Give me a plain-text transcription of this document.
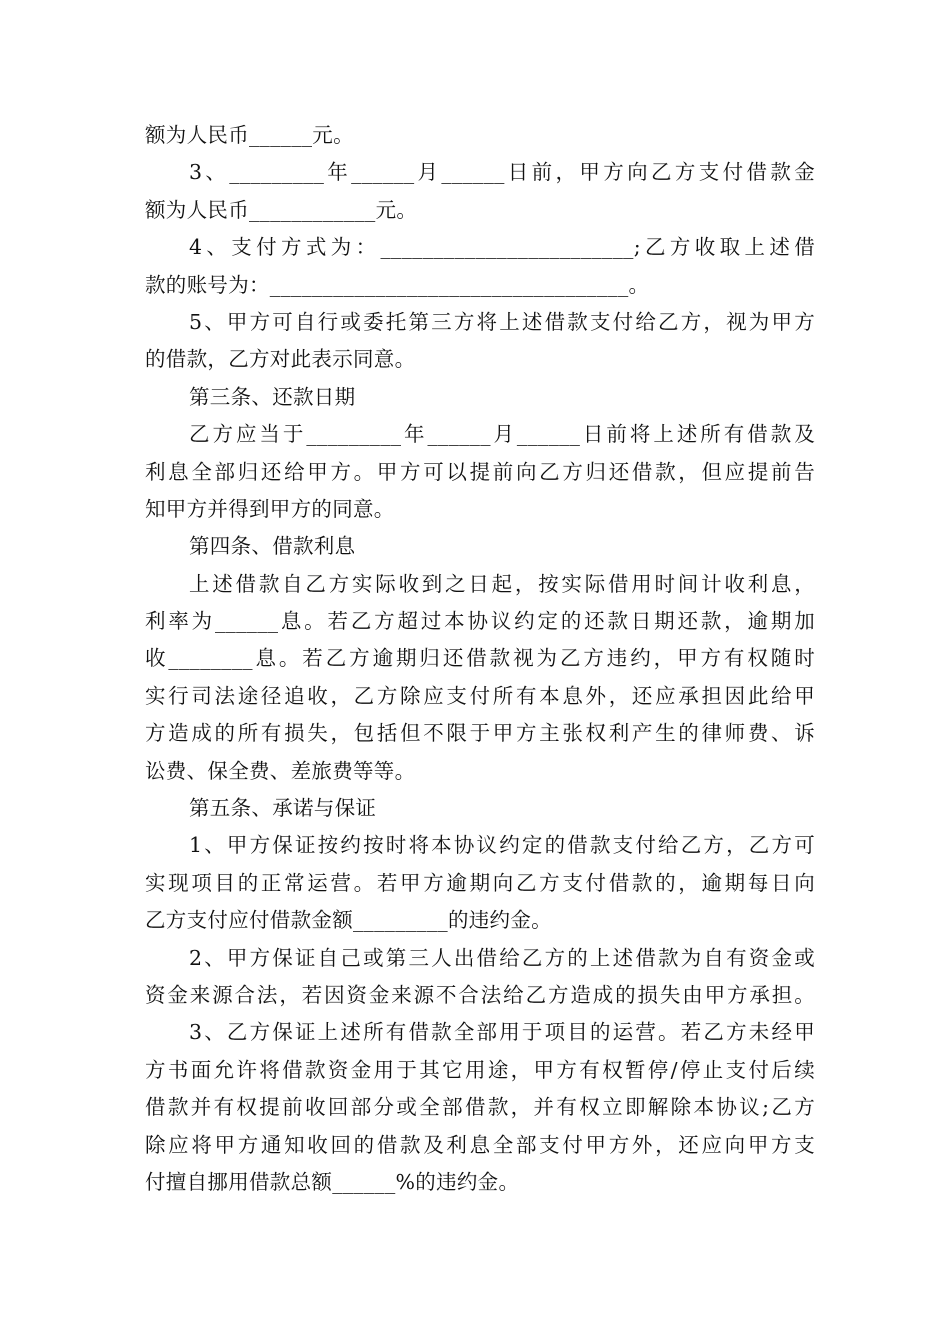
额为人民币______元。
3、_________年______月______日前，甲方向乙方支付借款金
额为人民币____________元。
4、支付方式为：________________________;乙方收取上述借
款的账号为：__________________________________。
5、甲方可自行或委托第三方将上述借款支付给乙方，视为甲方
的借款，乙方对此表示同意。
第三条、还款日期
乙方应当于_________年______月______日前将上述所有借款及
利息全部归还给甲方。甲方可以提前向乙方归还借款，但应提前告
知甲方并得到甲方的同意。
第四条、借款利息
上述借款自乙方实际收到之日起，按实际借用时间计收利息，
利率为______息。若乙方超过本协议约定的还款日期还款，逾期加
收________息。若乙方逾期归还借款视为乙方违约，甲方有权随时
实行司法途径追收，乙方除应支付所有本息外，还应承担因此给甲
方造成的所有损失，包括但不限于甲方主张权利产生的律师费、诉
讼费、保全费、差旅费等等。
第五条、承诺与保证
1、甲方保证按约按时将本协议约定的借款支付给乙方，乙方可
实现项目的正常运营。若甲方逾期向乙方支付借款的，逾期每日向
乙方支付应付借款金额_________的违约金。
2、甲方保证自己或第三人出借给乙方的上述借款为自有资金或
资金来源合法，若因资金来源不合法给乙方造成的损失由甲方承担。
3、乙方保证上述所有借款全部用于项目的运营。若乙方未经甲
方书面允许将借款资金用于其它用途，甲方有权暂停/停止支付后续
借款并有权提前收回部分或全部借款，并有权立即解除本协议;乙方
除应将甲方通知收回的借款及利息全部支付甲方外，还应向甲方支
付擅自挪用借款总额______%的违约金。
